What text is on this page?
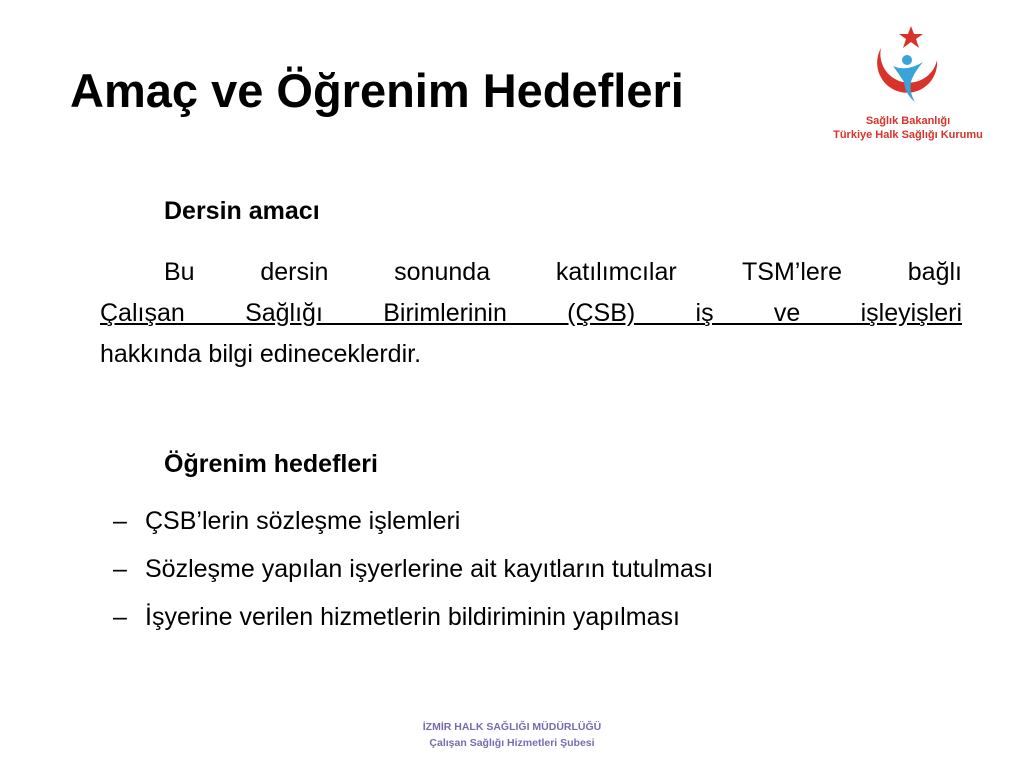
Amaç ve Öğrenim Hedefleri
Sağlık Bakanlığı
Türkiye Halk Sağlığı Kurumu
Dersin amacı

Bu dersin sonunda katılımcılar TSM’lere bağlı
Çalışan Sağlığı Birimlerinin (ÇSB) iş ve işleyişleri
hakkında bilgi edineceklerdir.

Öğrenim hedefleri
– ÇSB’lerin sözleşme işlemleri
– Sözleşme yapılan işyerlerine ait kayıtların tutulması
– İşyerine verilen hizmetlerin bildiriminin yapılması
İZMİR HALK SAĞLIĞI MÜDÜRLÜĞÜ
Çalışan Sağlığı Hizmetleri Şubesi
